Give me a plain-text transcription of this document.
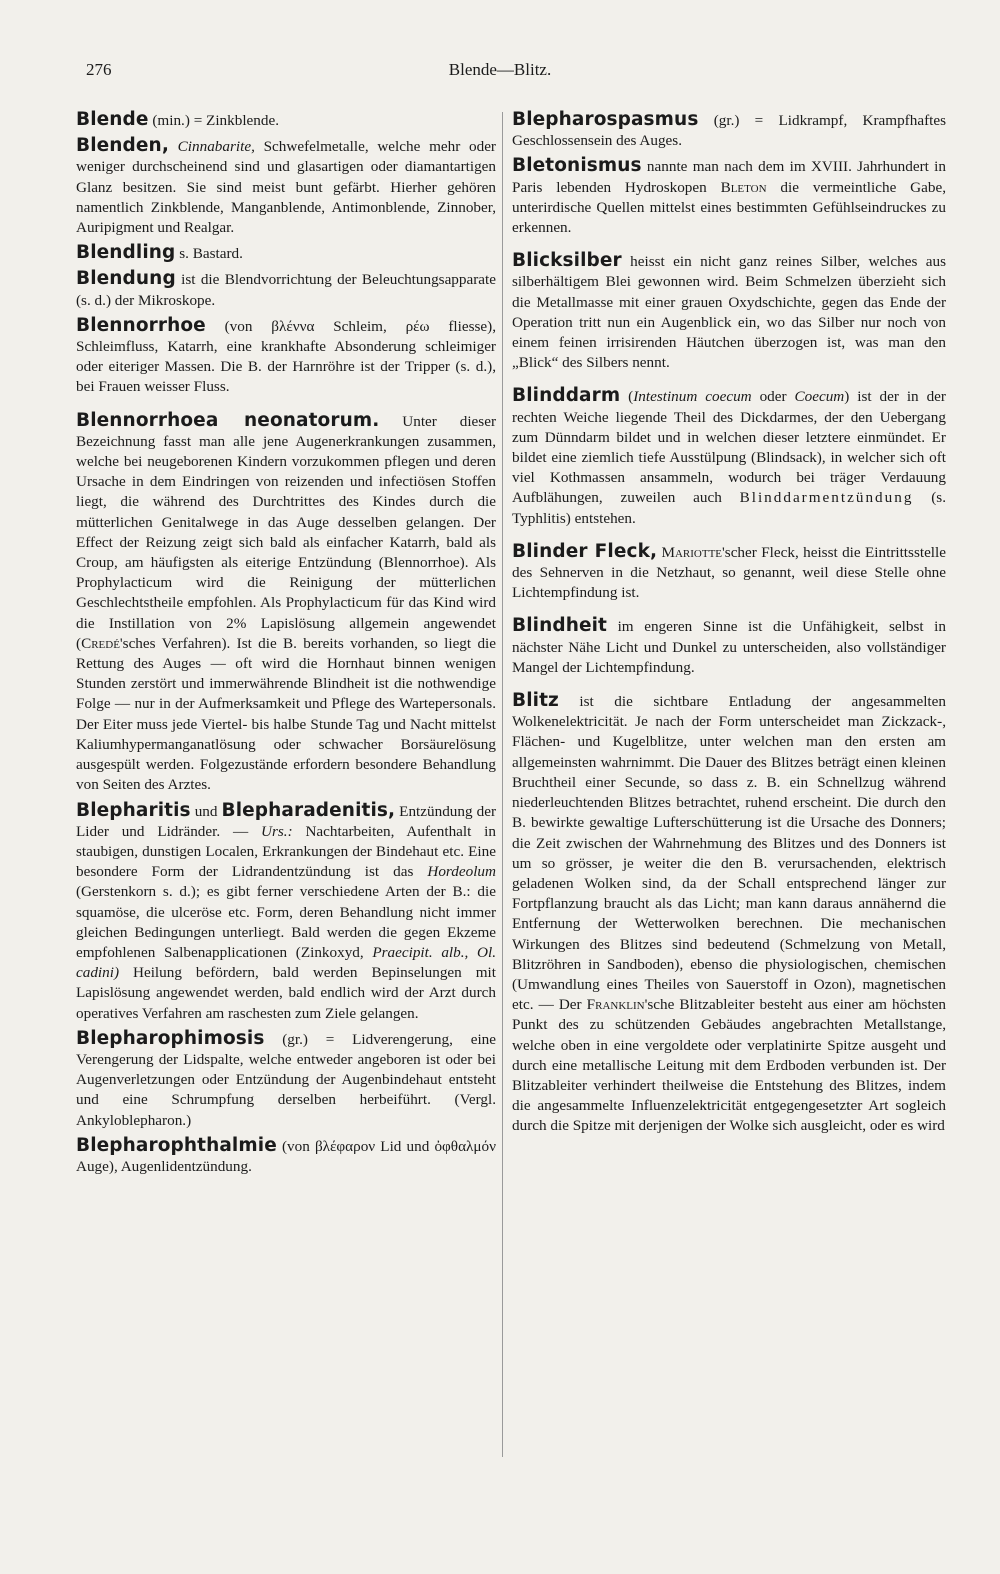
276	Blende—Blitz.

Blende (min.) = Zinkblende.

Blenden, Cinnabarite, Schwefelmetalle, welche mehr oder weniger durchscheinend sind und glasartigen oder diamantartigen Glanz besitzen. Sie sind meist bunt gefärbt. Hierher gehören namentlich Zinkblende, Manganblende, Antimonblende, Zinnober, Auripigment und Realgar.

Blendling s. Bastard.

Blendung ist die Blendvorrichtung der Beleuchtungsapparate (s. d.) der Mikroskope.

Blennorrhoe (von βλέννα Schleim, ρέω fliesse), Schleimfluss, Katarrh, eine krankhafte Absonderung schleimiger oder eiteriger Massen. Die B. der Harnröhre ist der Tripper (s. d.), bei Frauen weisser Fluss.

Blennorrhoea neonatorum. Unter dieser Bezeichnung fasst man alle jene Augenerkrankungen zusammen, welche bei neugeborenen Kindern vorzukommen pflegen und deren Ursache in dem Eindringen von reizenden und infectiösen Stoffen liegt, die während des Durchtrittes des Kindes durch die mütterlichen Genitalwege in das Auge desselben gelangen. Der Effect der Reizung zeigt sich bald als einfacher Katarrh, bald als Croup, am häufigsten als eiterige Entzündung (Blennorrhoe). Als Prophylacticum wird die Reinigung der mütterlichen Geschlechtstheile empfohlen. Als Prophylacticum für das Kind wird die Instillation von 2% Lapislösung allgemein angewendet (Credé'sches Verfahren). Ist die B. bereits vorhanden, so liegt die Rettung des Auges — oft wird die Hornhaut binnen wenigen Stunden zerstört und immerwährende Blindheit ist die nothwendige Folge — nur in der Aufmerksamkeit und Pflege des Wartepersonals. Der Eiter muss jede Viertel- bis halbe Stunde Tag und Nacht mittelst Kaliumhypermanganatlösung oder schwacher Borsäurelösung ausgespült werden. Folgezustände erfordern besondere Behandlung von Seiten des Arztes.

Blepharitis und Blepharadenitis, Entzündung der Lider und Lidränder. — Urs.: Nachtarbeiten, Aufenthalt in staubigen, dunstigen Localen, Erkrankungen der Bindehaut etc. Eine besondere Form der Lidrandentzündung ist das Hordeolum (Gerstenkorn s. d.); es gibt ferner verschiedene Arten der B.: die squamöse, die ulceröse etc. Form, deren Behandlung nicht immer gleichen Bedingungen unterliegt. Bald werden die gegen Ekzeme empfohlenen Salbenapplicationen (Zinkoxyd, Praecipit. alb., Ol. cadini) Heilung befördern, bald werden Bepinselungen mit Lapislösung angewendet werden, bald endlich wird der Arzt durch operatives Verfahren am raschesten zum Ziele gelangen.

Blepharophimosis (gr.) = Lidverengerung, eine Verengerung der Lidspalte, welche entweder angeboren ist oder bei Augenverletzungen oder Entzündung der Augenbindehaut entsteht und eine Schrumpfung derselben herbeiführt. (Vergl. Ankyloblepharon.)

Blepharophthalmie (von βλέφαρον Lid und ὀφθαλμόν Auge), Augenlidentzündung.

Blepharospasmus (gr.) = Lidkrampf, Krampfhaftes Geschlossensein des Auges.

Bletonismus nannte man nach dem im XVIII. Jahrhundert in Paris lebenden Hydroskopen Bleton die vermeintliche Gabe, unterirdische Quellen mittelst eines bestimmten Gefühlseindruckes zu erkennen.

Blicksilber heisst ein nicht ganz reines Silber, welches aus silberhältigem Blei gewonnen wird. Beim Schmelzen überzieht sich die Metallmasse mit einer grauen Oxydschichte, gegen das Ende der Operation tritt nun ein Augenblick ein, wo das Silber nur noch von einem feinen irrisirenden Häutchen überzogen ist, was man den „Blick“ des Silbers nennt.

Blinddarm (Intestinum coecum oder Coecum) ist der in der rechten Weiche liegende Theil des Dickdarmes, der den Uebergang zum Dünndarm bildet und in welchen dieser letztere einmündet. Er bildet eine ziemlich tiefe Ausstülpung (Blindsack), in welcher sich oft viel Kothmassen ansammeln, wodurch bei träger Verdauung Aufblähungen, zuweilen auch Blinddarmentzündung (s. Typhlitis) entstehen.

Blinder Fleck, Mariotte'scher Fleck, heisst die Eintrittsstelle des Sehnerven in die Netzhaut, so genannt, weil diese Stelle ohne Lichtempfindung ist.

Blindheit im engeren Sinne ist die Unfähigkeit, selbst in nächster Nähe Licht und Dunkel zu unterscheiden, also vollständiger Mangel der Lichtempfindung.

Blitz ist die sichtbare Entladung der angesammelten Wolkenelektricität. Je nach der Form unterscheidet man Zickzack-, Flächen- und Kugelblitze, unter welchen man den ersten am allgemeinsten wahrnimmt. Die Dauer des Blitzes beträgt einen kleinen Bruchtheil einer Secunde, so dass z. B. ein Schnellzug während niederleuchtenden Blitzes betrachtet, ruhend erscheint. Die durch den B. bewirkte gewaltige Lufterschütterung ist die Ursache des Donners; die Zeit zwischen der Wahrnehmung des Blitzes und des Donners ist um so grösser, je weiter die den B. verursachenden, elektrisch geladenen Wolken sind, da der Schall entsprechend länger zur Fortpflanzung braucht als das Licht; man kann daraus annähernd die Entfernung der Wetterwolken berechnen. Die mechanischen Wirkungen des Blitzes sind bedeutend (Schmelzung von Metall, Blitzröhren in Sandboden), ebenso die physiologischen, chemischen (Umwandlung eines Theiles von Sauerstoff in Ozon), magnetischen etc. — Der Franklin'sche Blitzableiter besteht aus einer am höchsten Punkt des zu schützenden Gebäudes angebrachten Metallstange, welche oben in eine vergoldete oder verplatinirte Spitze ausgeht und durch eine metallische Leitung mit dem Erdboden verbunden ist. Der Blitzableiter verhindert theilweise die Entstehung des Blitzes, indem die angesammelte Influenzelektricität entgegengesetzter Art sogleich durch die Spitze mit derjenigen der Wolke sich ausgleicht, oder es wird
